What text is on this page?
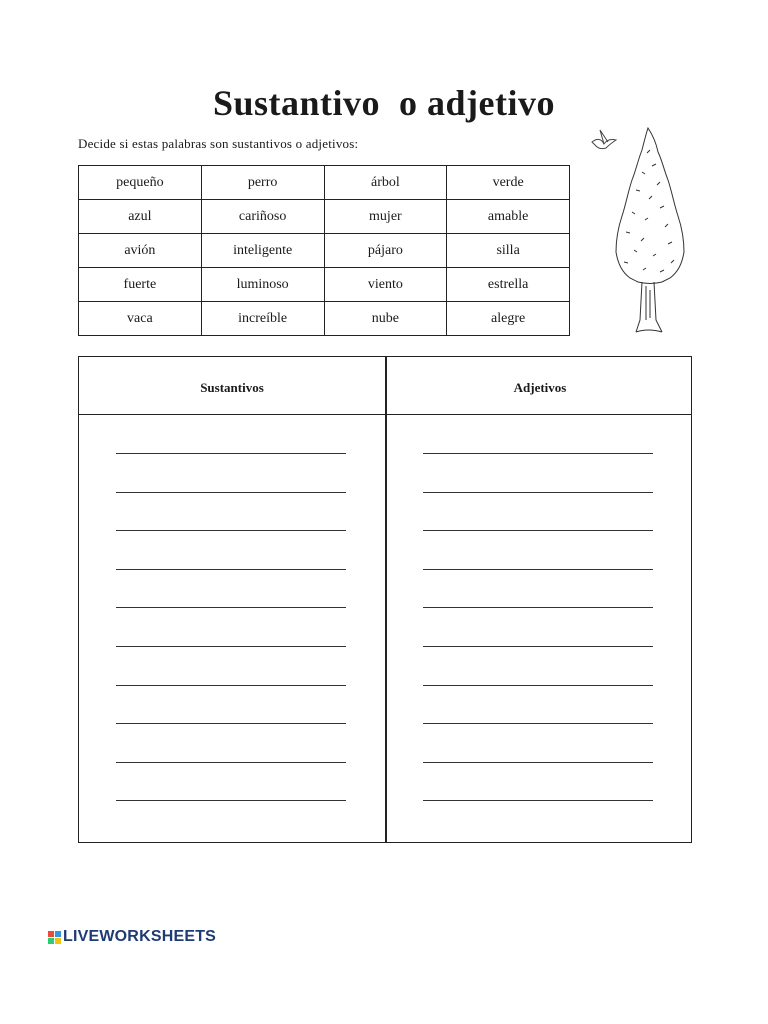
Sustantivo  o adjetivo
Decide si estas palabras son sustantivos o adjetivos:
pequeño	perro	árbol	verde
azul	cariñoso	mujer	amable
avión	inteligente	pájaro	silla
fuerte	luminoso	viento	estrella
vaca	increíble	nube	alegre
Sustantivos	Adjetivos
LIVEWORKSHEETS
